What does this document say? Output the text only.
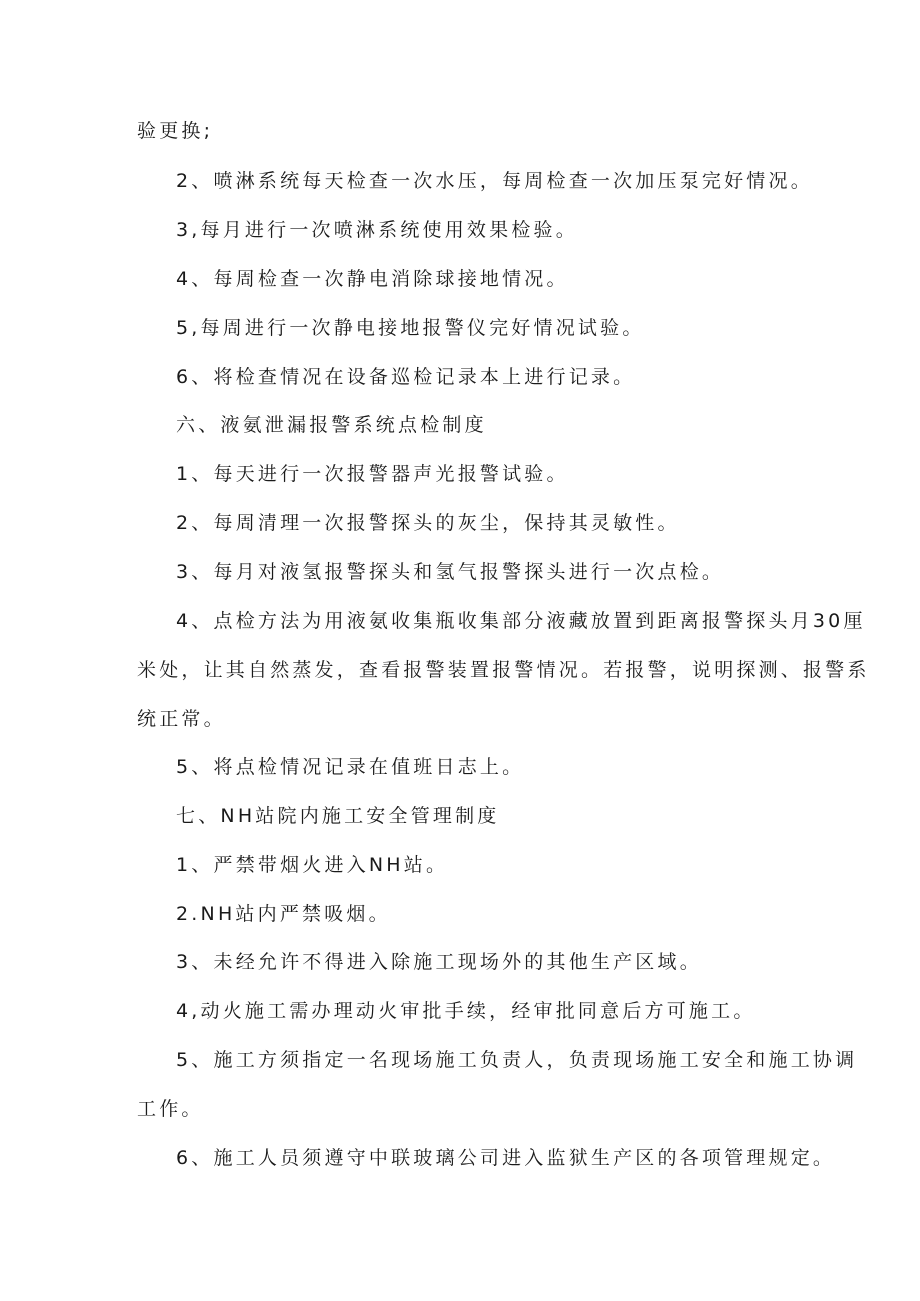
验更换;
2、喷淋系统每天检查一次水压，每周检查一次加压泵完好情况。
3,每月进行一次喷淋系统使用效果检验。
4、每周检查一次静电消除球接地情况。
5,每周进行一次静电接地报警仪完好情况试验。
6、将检查情况在设备巡检记录本上进行记录。
六、液氨泄漏报警系统点检制度
1、每天进行一次报警器声光报警试验。
2、每周清理一次报警探头的灰尘，保持其灵敏性。
3、每月对液氢报警探头和氢气报警探头进行一次点检。
4、点检方法为用液氨收集瓶收集部分液藏放置到距离报警探头月30厘
米处，让其自然蒸发，查看报警装置报警情况。若报警，说明探测、报警系
统正常。
5、将点检情况记录在值班日志上。
七、NH站院内施工安全管理制度
1、严禁带烟火进入NH站。
2.NH站内严禁吸烟。
3、未经允许不得进入除施工现场外的其他生产区域。
4,动火施工需办理动火审批手续，经审批同意后方可施工。
5、施工方须指定一名现场施工负责人，负责现场施工安全和施工协调
工作。
6、施工人员须遵守中联玻璃公司进入监狱生产区的各项管理规定。
